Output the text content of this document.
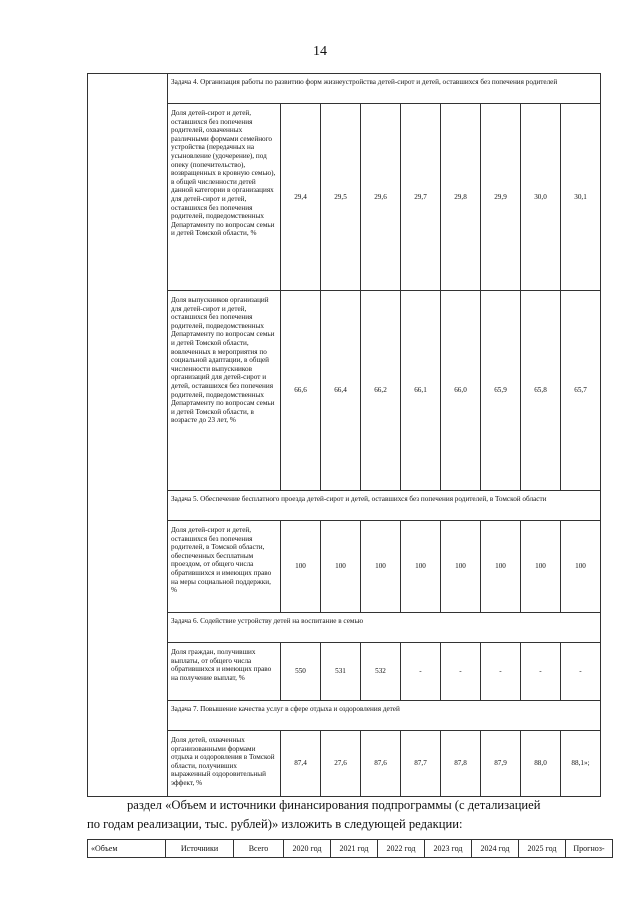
14
	Задача 4. Организация работы по развитию форм жизнеустройства детей-сирот и детей, оставшихся без попечения родителей								
	Доля детей-сирот и детей, оставшихся без попечения родителей, охваченных различными формами семейного устройства (передачных на усыновление (удочерение), под опеку (попечительство), возвращенных в кровную семью), в общей численности детей данной категории в организациях для детей-сирот и детей, оставшихся без попечения родителей, подведомственных Департаменту по вопросам семьи и детей Томской области, %	29,4	29,5	29,6	29,7	29,8	29,9	30,0	30,1
	Доля выпускников организаций для детей-сирот и детей, оставшихся без попечения родителей, подведомственных Департаменту по вопросам семьи и детей Томской области, вовлеченных в мероприятия по социальной адаптации, в общей численности выпускников организаций для детей-сирот и детей, оставшихся без попечения родителей, подведомственных Департаменту по вопросам семьи и детей Томской области, в возрасте до 23 лет, %	66,6	66,4	66,2	66,1	66,0	65,9	65,8	65,7
	Задача 5. Обеспечение бесплатного проезда детей-сирот и детей, оставшихся без попечения родителей, в Томской области								
	Доля детей-сирот и детей, оставшихся без попечения родителей, в Томской области, обеспеченных бесплатным проездом, от общего числа обратившихся и имеющих право на меры социальной поддержки, %	100	100	100	100	100	100	100	100
	Задача 6. Содействие устройству детей на воспитание в семью								
	Доля граждан, получивших выплаты, от общего числа обратившихся и имеющих право на получение выплат, %	550	531	532	-	-	-	-	-
	Задача 7. Повышение качества услуг в сфере отдыха и оздоровления детей								
	Доля детей, охваченных организованными формами отдыха и оздоровления в Томской области, получивших выраженный оздоровительный эффект, %	87,4	27,6	87,6	87,7	87,8	87,9	88,0	88,1»;
раздел «Объем и источники финансирования подпрограммы (с детализацией
по годам реализации, тыс. рублей)» изложить в следующей редакции:
«Объем	Источники	Всего	2020 год	2021 год	2022 год	2023 год	2024 год	2025 год	Прогноз-
